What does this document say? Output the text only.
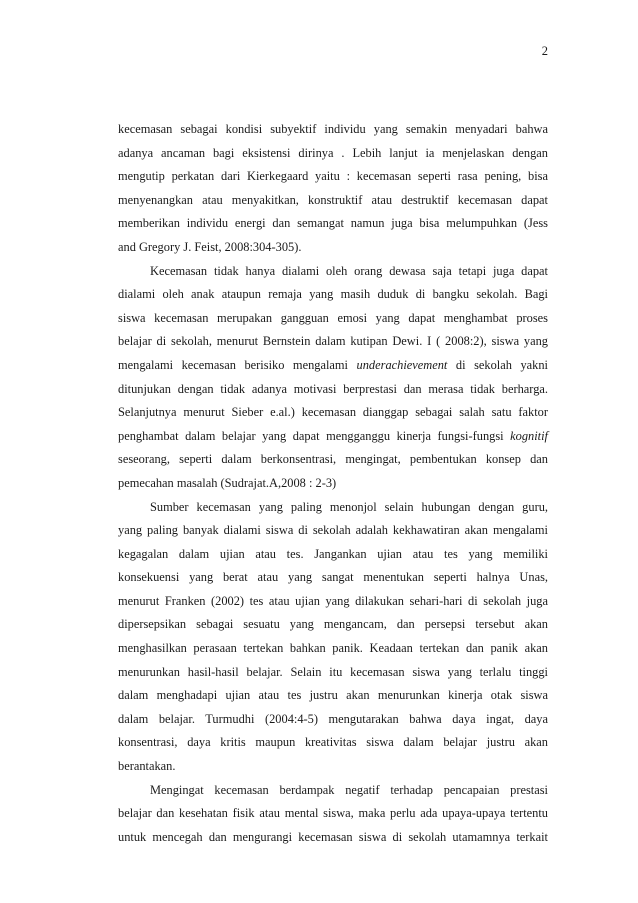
2
kecemasan sebagai kondisi subyektif individu yang semakin menyadari bahwa
adanya ancaman bagi eksistensi dirinya . Lebih lanjut ia menjelaskan dengan
mengutip perkatan dari Kierkegaard yaitu : kecemasan seperti rasa pening, bisa
menyenangkan atau menyakitkan, konstruktif atau destruktif kecemasan dapat
memberikan individu energi dan semangat namun juga bisa melumpuhkan (Jess
and Gregory J. Feist, 2008:304-305).
Kecemasan tidak hanya dialami oleh orang dewasa saja tetapi juga dapat
dialami oleh anak ataupun remaja yang masih duduk di bangku sekolah. Bagi
siswa kecemasan merupakan gangguan emosi yang dapat menghambat proses
belajar di sekolah, menurut Bernstein dalam kutipan Dewi. I ( 2008:2), siswa yang
mengalami kecemasan berisiko mengalami underachievement di sekolah yakni
ditunjukan dengan tidak adanya motivasi berprestasi dan merasa tidak berharga.
Selanjutnya menurut Sieber e.al.) kecemasan dianggap sebagai salah satu faktor
penghambat dalam belajar yang dapat mengganggu kinerja fungsi-fungsi kognitif
seseorang, seperti dalam berkonsentrasi, mengingat, pembentukan konsep dan
pemecahan masalah (Sudrajat.A,2008 : 2-3)
Sumber kecemasan yang paling menonjol selain hubungan dengan guru,
yang paling banyak dialami siswa di sekolah adalah kekhawatiran akan mengalami
kegagalan dalam ujian atau tes. Jangankan ujian atau tes yang memiliki
konsekuensi yang berat atau yang sangat menentukan seperti halnya Unas,
menurut Franken (2002) tes atau ujian yang dilakukan sehari-hari di sekolah juga
dipersepsikan sebagai sesuatu yang mengancam, dan persepsi tersebut akan
menghasilkan perasaan tertekan bahkan panik. Keadaan tertekan dan panik akan
menurunkan hasil-hasil belajar. Selain itu kecemasan siswa yang terlalu tinggi
dalam menghadapi ujian atau tes justru akan menurunkan kinerja otak siswa
dalam belajar. Turmudhi (2004:4-5) mengutarakan bahwa daya ingat, daya
konsentrasi, daya kritis maupun kreativitas siswa dalam belajar justru akan
berantakan.
Mengingat kecemasan berdampak negatif terhadap pencapaian prestasi
belajar dan kesehatan fisik atau mental siswa, maka perlu ada upaya-upaya tertentu
untuk mencegah dan mengurangi kecemasan siswa di sekolah utamamnya terkait
